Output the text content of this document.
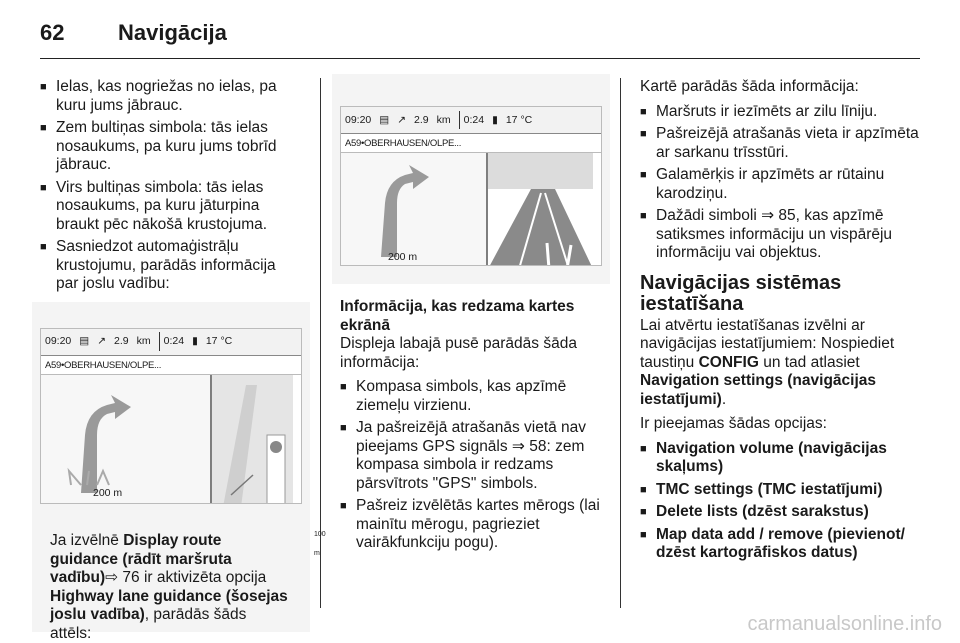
62 Navigācija
■ Ielas, kas nogriežas no ielas, pa kuru jums jābrauc.
■ Zem bultiņas simbola: tās ielas nosaukums, pa kuru jums tobrīd jābrauc.
■ Virs bultiņas simbola: tās ielas nosaukums, pa kuru jāturpina braukt pēc nākošā krustojuma.
■ Sasniedzot automaģistrāļu krustojumu, parādās informācija par joslu vadību:
09:20 ▤ ↗ 2.9 km	0:24 ▮ 17 °C
A59•OBERHAUSEN/OLPE...
200 m
100 m

Ja izvēlnē Display route guidance (rādīt maršruta vadību)⇨ 76 ir aktivizēta opcija Highway lane guidance (šosejas joslu vadība), parādās šāds attēls:

09:20 ▤ ↗ 2.9 km	0:24 ▮ 17 °C
A59•OBERHAUSEN/OLPE...
200 m
Informācija, kas redzama kartes ekrānā

Displeja labajā pusē parādās šāda informācija:

■ Kompasa simbols, kas apzīmē ziemeļu virzienu.
■ Ja pašreizējā atrašanās vietā nav pieejams GPS signāls ⇒ 58: zem kompasa simbola ir redzams pārsvītrots "GPS" simbols.
■ Pašreiz izvēlētās kartes mērogs (lai mainītu mērogu, pagrieziet vairākfunkciju pogu).

Kartē parādās šāda informācija:

■ Maršruts ir iezīmēts ar zilu līniju.
■ Pašreizējā atrašanās vieta ir apzīmēta ar sarkanu trīsstūri.
■ Galamērķis ir apzīmēts ar rūtainu karodziņu.
■ Dažādi simboli ⇒ 85, kas apzīmē satiksmes informāciju un vispārēju informāciju vai objektus.
Navigācijas sistēmas iestatīšana

Lai atvērtu iestatīšanas izvēlni ar navigācijas iestatījumiem: Nospiediet taustiņu CONFIG un tad atlasiet Navigation settings (navigācijas iestatījumi).

Ir pieejamas šādas opcijas:

■ Navigation volume (navigācijas skaļums)
■ TMC settings (TMC iestatījumi)
■ Delete lists (dzēst sarakstus)
■ Map data add / remove (pievienot/ dzēst kartogrāfiskos datus)
carmanualsonline.info
